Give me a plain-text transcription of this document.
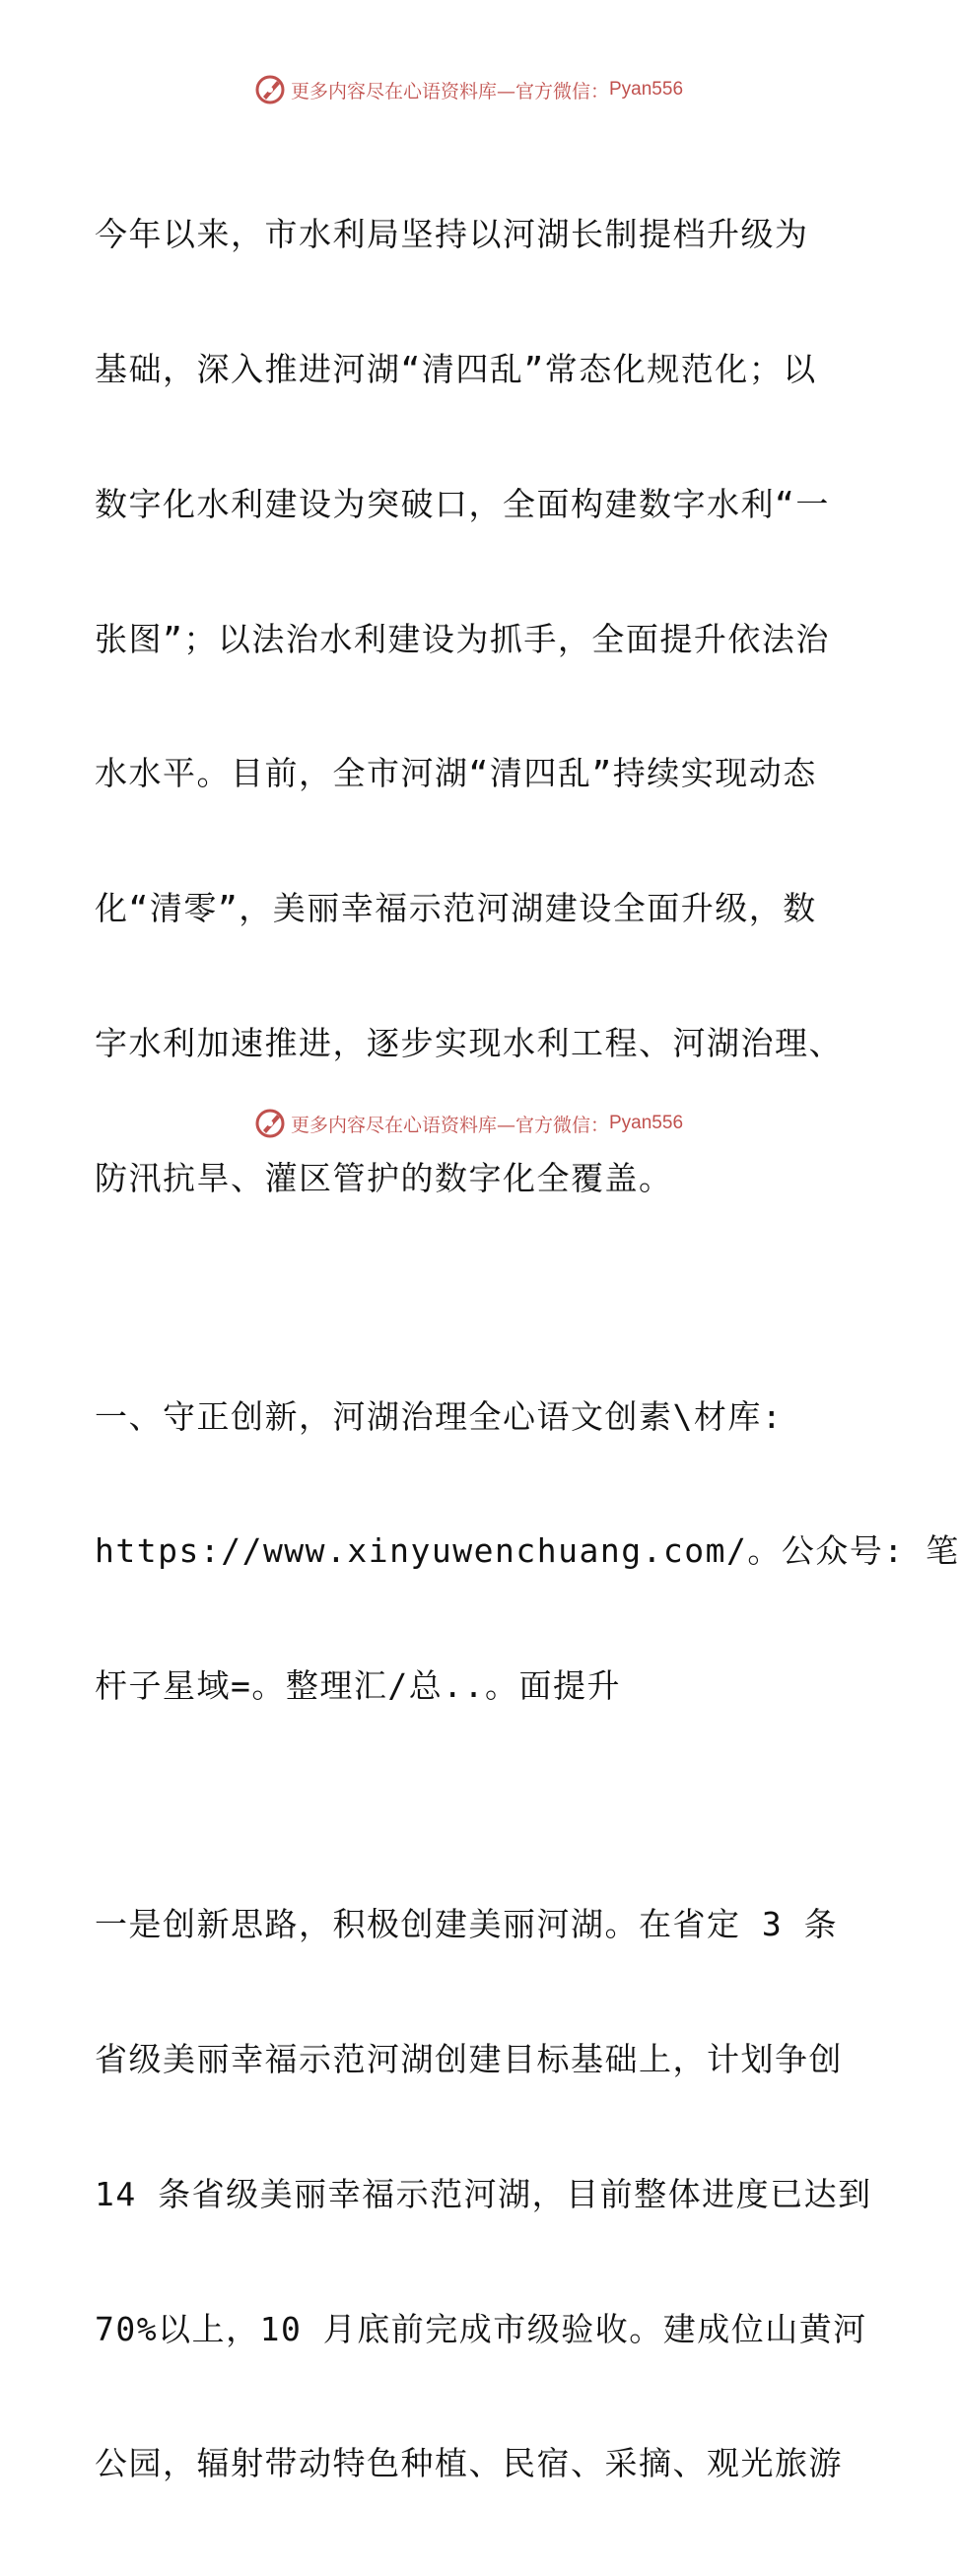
更多内容尽在心语资料库—官方微信： Pyan556

今年以来，市水利局坚持以河湖长制提档升级为

基础，深入推进河湖“清四乱”常态化规范化；以

数字化水利建设为突破口，全面构建数字水利“一

张图”；以法治水利建设为抓手，全面提升依法治

水水平。目前，全市河湖“清四乱”持续实现动态

化“清零”，美丽幸福示范河湖建设全面升级，数

字水利加速推进，逐步实现水利工程、河湖治理、

防汛抗旱、灌区管护的数字化全覆盖。

一、守正创新，河湖治理全心语文创素\材库:

https://www.xinyuwenchuang.com/。公众号: 笔

杆子星域=。整理汇/总..。面提升

一是创新思路，积极创建美丽河湖。在省定 3 条

省级美丽幸福示范河湖创建目标基础上，计划争创

14 条省级美丽幸福示范河湖，目前整体进度已达到

70%以上，10 月底前完成市级验收。建成位山黄河

公园，辐射带动特色种植、民宿、采摘、观光旅游

更多内容尽在心语资料库—官方微信： Pyan556
